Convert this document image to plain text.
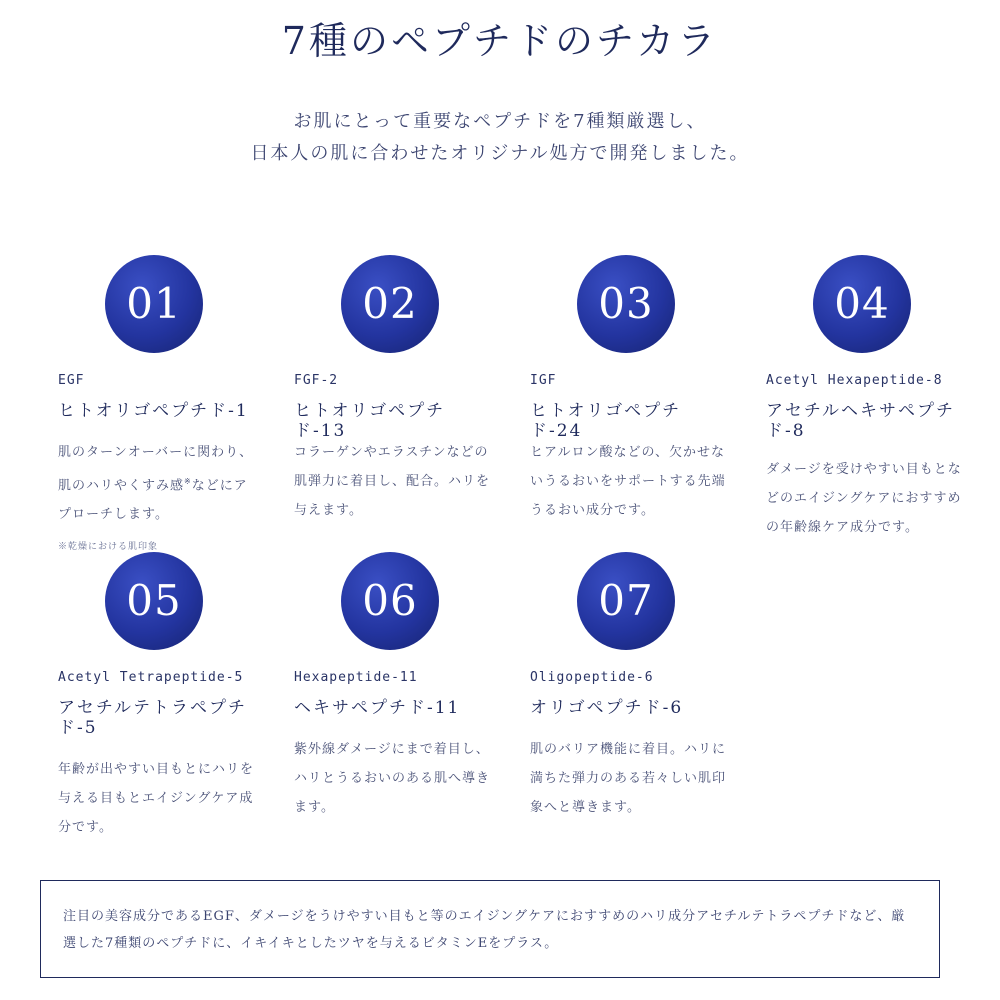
7種のペプチドのチカラ
お肌にとって重要なペプチドを7種類厳選し、
日本人の肌に合わせたオリジナル処方で開発しました。
01
EGF
ヒトオリゴペプチド-1
肌のターンオーバーに関わり、肌のハリやくすみ感※などにアプローチします。
※乾燥における肌印象
02
FGF-2
ヒトオリゴペプチド-13
コラーゲンやエラスチンなどの肌弾力に着目し、配合。ハリを与えます。
03
IGF
ヒトオリゴペプチド-24
ヒアルロン酸などの、欠かせないうるおいをサポートする先端うるおい成分です。
04
Acetyl Hexapeptide-8
アセチルヘキサペプチド-8
ダメージを受けやすい目もとなどのエイジングケアにおすすめの年齢線ケア成分です。
05
Acetyl Tetrapeptide-5
アセチルテトラペプチド-5
年齢が出やすい目もとにハリを与える目もとエイジングケア成分です。
06
Hexapeptide-11
ヘキサペプチド-11
紫外線ダメージにまで着目し、ハリとうるおいのある肌へ導きます。
07
Oligopeptide-6
オリゴペプチド-6
肌のバリア機能に着目。ハリに満ちた弾力のある若々しい肌印象へと導きます。
注目の美容成分であるEGF、ダメージをうけやすい目もと等のエイジングケアにおすすめのハリ成分アセチルテトラペプチドなど、厳選した7種類のペプチドに、イキイキとしたツヤを与えるビタミンEをプラス。
